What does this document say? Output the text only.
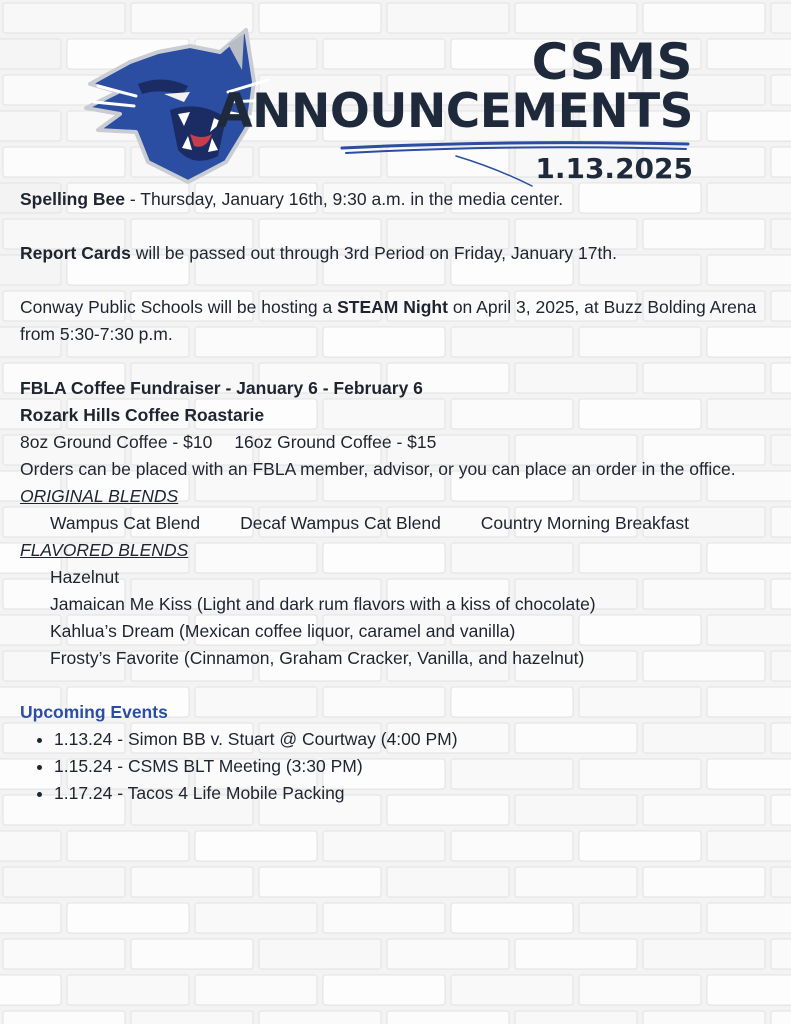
CSMS
ANNOUNCEMENTS
1.13.2025

Spelling Bee - Thursday, January 16th, 9:30 a.m. in the media center.

Report Cards will be passed out through 3rd Period on Friday, January 17th.

Conway Public Schools will be hosting a STEAM Night on April 3, 2025, at Buzz Bolding Arena from 5:30-7:30 p.m.

FBLA Coffee Fundraiser - January 6 - February 6

Rozark Hills Coffee Roastarie

8oz Ground Coffee - $10 16oz Ground Coffee - $15

Orders can be placed with an FBLA member, advisor, or you can place an order in the office.

ORIGINAL BLENDS

Wampus Cat Blend Decaf Wampus Cat Blend Country Morning Breakfast

FLAVORED BLENDS

Hazelnut
Jamaican Me Kiss (Light and dark rum flavors with a kiss of chocolate)
Kahlua’s Dream (Mexican coffee liquor, caramel and vanilla)
Frosty’s Favorite (Cinnamon, Graham Cracker, Vanilla, and hazelnut)

Upcoming Events

• 1.13.24 - Simon BB v. Stuart @ Courtway (4:00 PM)
• 1.15.24 - CSMS BLT Meeting (3:30 PM)
• 1.17.24 - Tacos 4 Life Mobile Packing
